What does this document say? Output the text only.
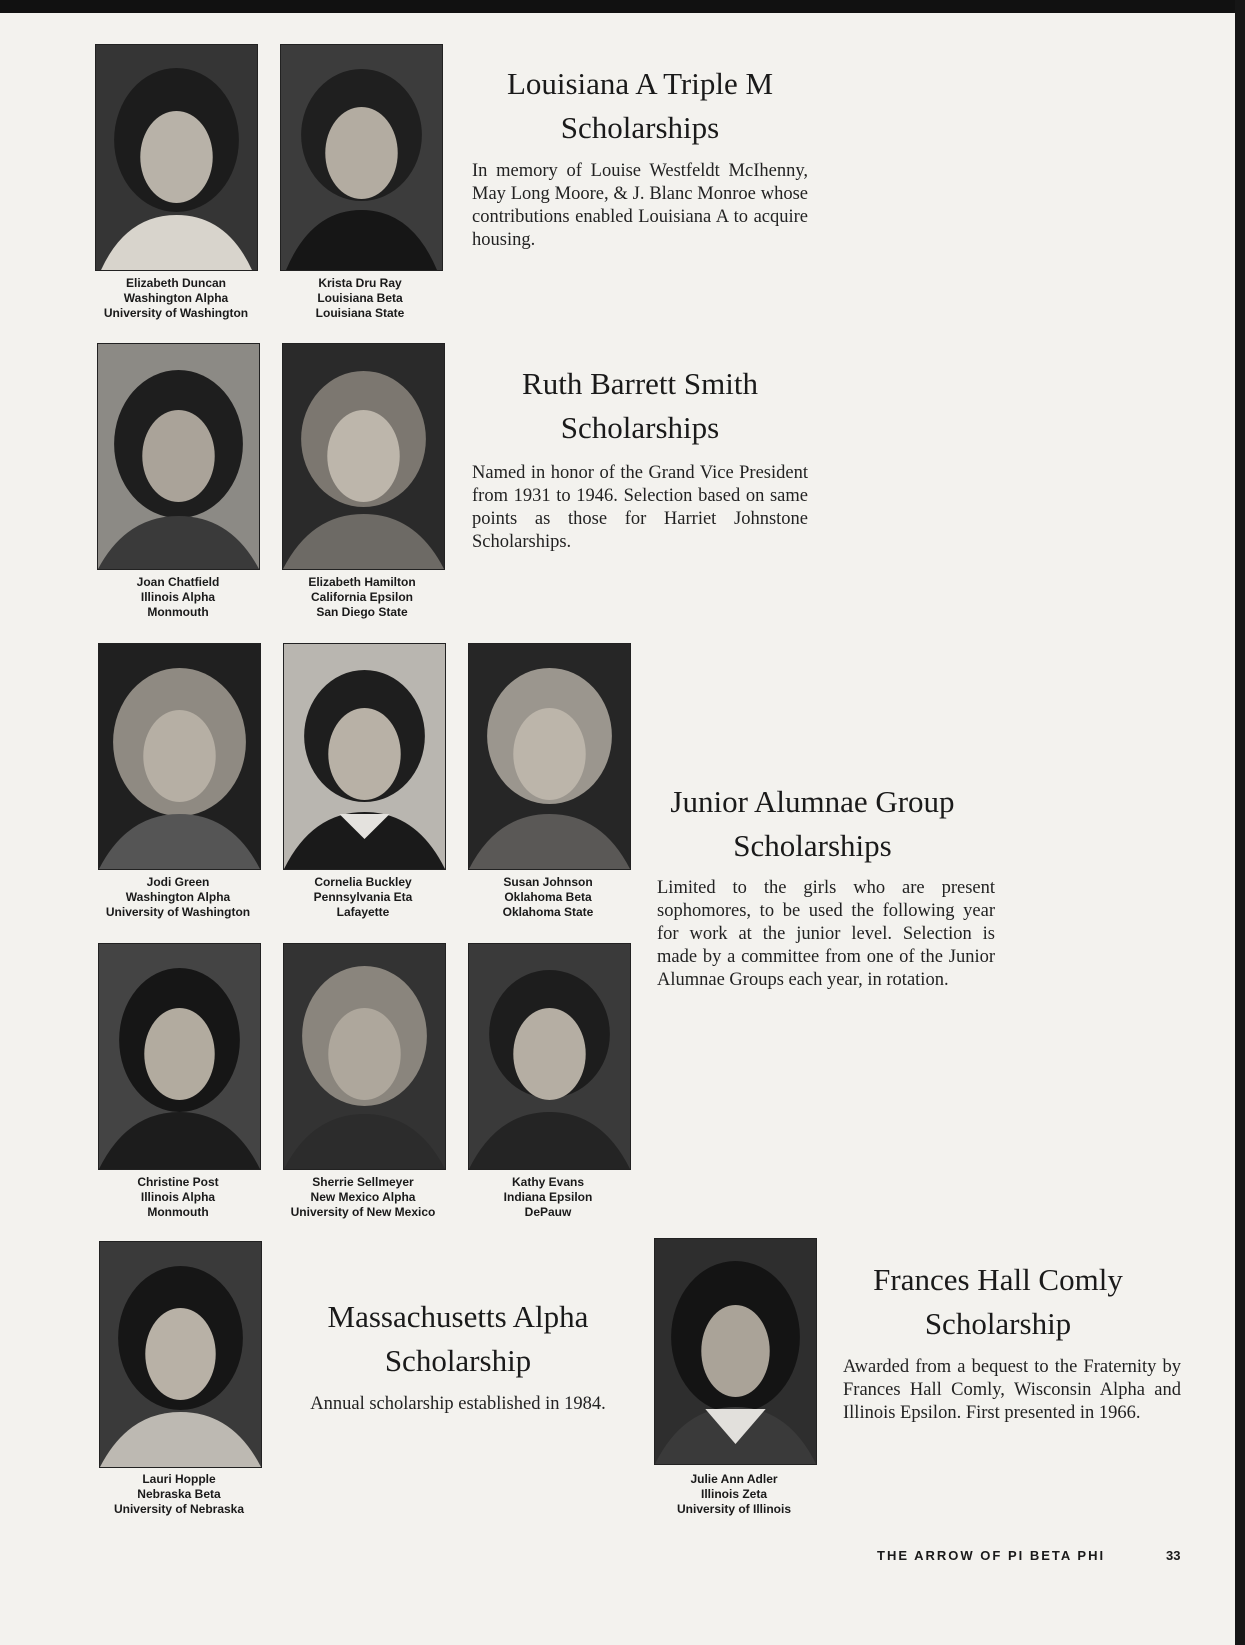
Elizabeth Duncan
Washington Alpha
University of Washington
Krista Dru Ray
Louisiana Beta
Louisiana State
Joan Chatfield
Illinois Alpha
Monmouth
Elizabeth Hamilton
California Epsilon
San Diego State
Jodi Green
Washington Alpha
University of Washington
Cornelia Buckley
Pennsylvania Eta
Lafayette
Susan Johnson
Oklahoma Beta
Oklahoma State
Christine Post
Illinois Alpha
Monmouth
Sherrie Sellmeyer
New Mexico Alpha
University of New Mexico
Kathy Evans
Indiana Epsilon
DePauw
Lauri Hopple
Nebraska Beta
University of Nebraska
Julie Ann Adler
Illinois Zeta
University of Illinois
Louisiana A Triple M
Scholarships
In memory of Louise Westfeldt McIhenny, May Long Moore, & J. Blanc Monroe whose contributions enabled Louisiana A to acquire housing.
Ruth Barrett Smith
Scholarships
Named in honor of the Grand Vice President from 1931 to 1946. Selection based on same points as those for Harriet Johnstone Scholarships.
Junior Alumnae Group
Scholarships
Limited to the girls who are present sophomores, to be used the following year for work at the junior level. Selection is made by a committee from one of the Junior Alumnae Groups each year, in rotation.
Massachusetts Alpha
Scholarship
Annual scholarship established in 1984.
Frances Hall Comly
Scholarship
Awarded from a bequest to the Fraternity by Frances Hall Comly, Wisconsin Alpha and Illinois Epsilon. First presented in 1966.
THE ARROW OF PI BETA PHI	33
